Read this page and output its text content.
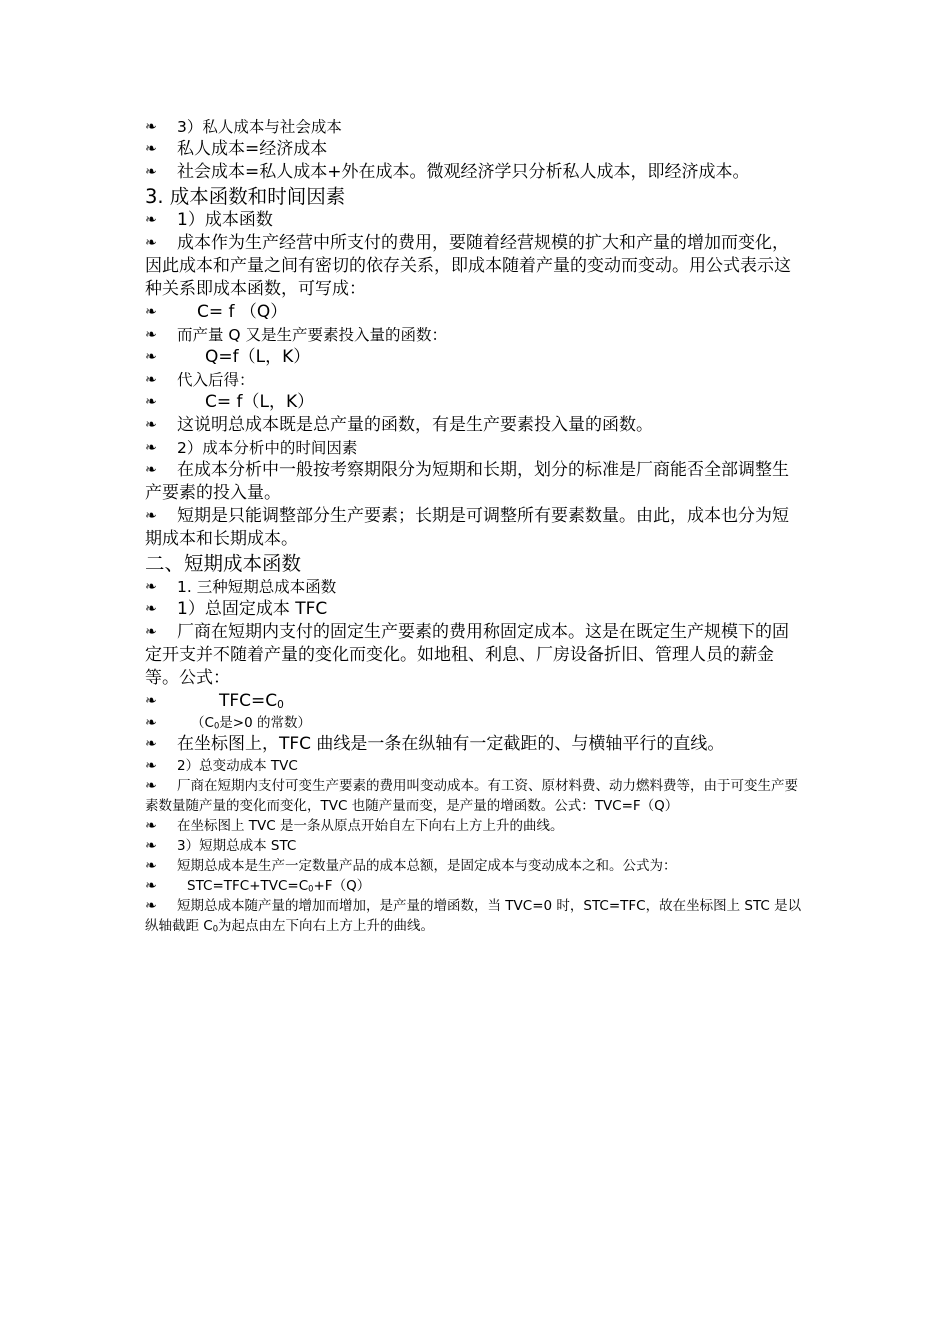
❧ 3）私人成本与社会成本

❧ 私人成本=经济成本

❧ 社会成本=私人成本+外在成本。微观经济学只分析私人成本，即经济成本。

3. 成本函数和时间因素

❧ 1）成本函数

❧ 成本作为生产经营中所支付的费用，要随着经营规模的扩大和产量的增加而变化，因此成本和产量之间有密切的依存关系，即成本随着产量的变动而变动。用公式表示这种关系即成本函数，可写成：

❧ C= f （Q）

❧ 而产量 Q 又是生产要素投入量的函数：

❧	Q=f（L，K）

❧ 代入后得：

❧	C= f（L，K）

❧ 这说明总成本既是总产量的函数，有是生产要素投入量的函数。

❧ 2）成本分析中的时间因素

❧ 在成本分析中一般按考察期限分为短期和长期，划分的标准是厂商能否全部调整生产要素的投入量。

❧ 短期是只能调整部分生产要素；长期是可调整所有要素数量。由此，成本也分为短期成本和长期成本。

二、短期成本函数

❧ 1. 三种短期总成本函数

❧ 1）总固定成本 TFC

❧ 厂商在短期内支付的固定生产要素的费用称固定成本。这是在既定生产规模下的固定开支并不随着产量的变化而变化。如地租、利息、厂房设备折旧、管理人员的薪金等。公式：

❧	$TFC=C_0$

❧	（$C_0$是>0 的常数）

❧ 在坐标图上，TFC 曲线是一条在纵轴有一定截距的、与横轴平行的直线。

❧ 2）总变动成本 TVC

❧ 厂商在短期内支付可变生产要素的费用叫变动成本。有工资、原材料费、动力燃料费等，由于可变生产要素数量随产量的变化而变化，TVC 也随产量而变，是产量的增函数。公式：TVC=F（Q）

❧ 在坐标图上 TVC 是一条从原点开始自左下向右上方上升的曲线。

❧ 3）短期总成本 STC

❧ 短期总成本是生产一定数量产品的成本总额，是固定成本与变动成本之和。公式为：

❧ $STC=TFC+TVC=C_0+F(Q)$

❧ 短期总成本随产量的增加而增加，是产量的增函数，当 TVC=0 时，STC=TFC，故在坐标图上 STC 是以纵轴截距 $C_0$为起点由左下向右上方上升的曲线。
